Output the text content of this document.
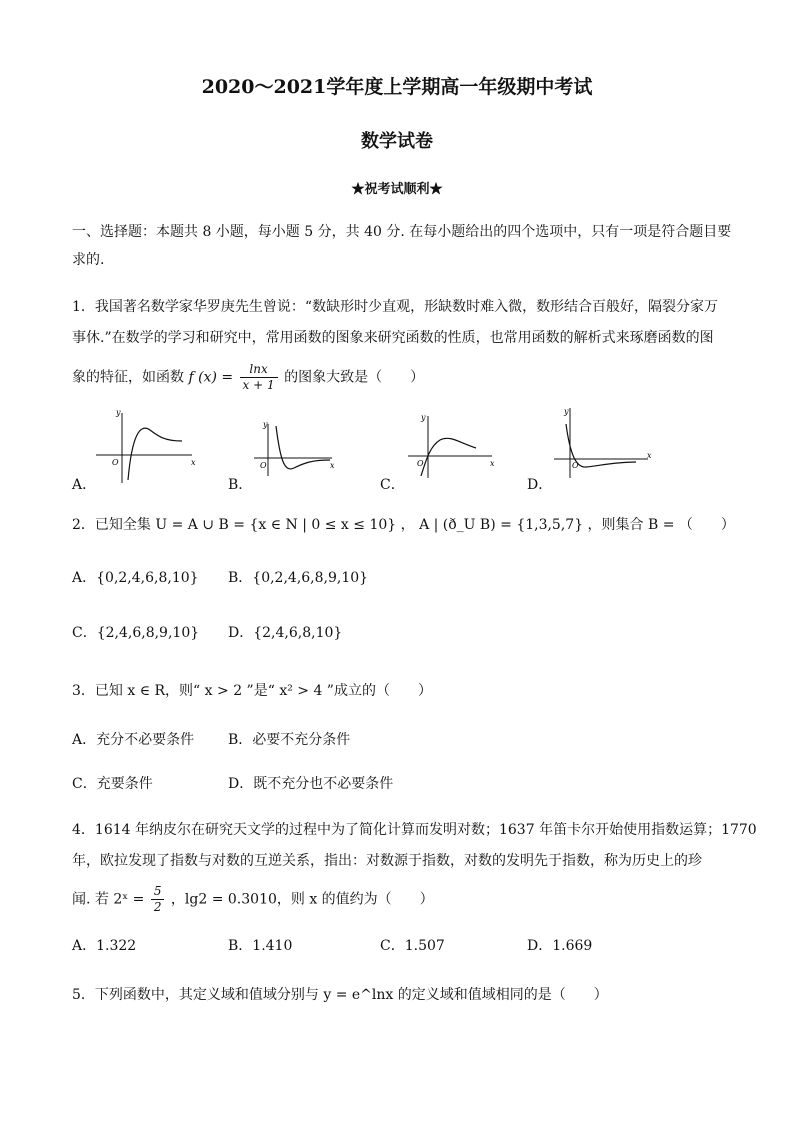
2020～2021学年度上学期高一年级期中考试
数学试卷
★祝考试顺利★
一、选择题：本题共 8 小题，每小题 5 分，共 40 分. 在每小题给出的四个选项中，只有一项是符合题目要
求的.
1．我国著名数学家华罗庚先生曾说：“数缺形时少直观，形缺数时难入微，数形结合百般好，隔裂分家万
事休.”在数学的学习和研究中，常用函数的图象来研究函数的性质，也常用函数的解析式来琢磨函数的图
象的特征，如函数 f $(x) = \frac{\ln x}{x + 1}$ 的图象大致是（　　）
y
x
O
A．
y
x
O
B．
y
x
O
C．
y
x
O
D．
2．已知全集 U = A ∪ B = {x ∈ N | 0 ≤ x ≤ 10} ， A | (ð_U B) = {1,3,5,7} ，则集合 B = （　　）
A．{0,2,4,6,8,10} B．{0,2,4,6,8,9,10}
C．{2,4,6,8,9,10} D．{2,4,6,8,10}
3．已知 x ∈ R，则“ x > 2 ”是“ x² > 4 ”成立的（　　）
A．充分不必要条件 B．必要不充分条件
C．充要条件	D．既不充分也不必要条件
4．1614 年纳皮尔在研究天文学的过程中为了简化计算而发明对数；1637 年笛卡尔开始使用指数运算；1770
年，欧拉发现了指数与对数的互逆关系，指出：对数源于指数，对数的发明先于指数，称为历史上的珍
闻. 若 2ˣ = $\frac{5}{2}$ ，lg2 = 0.3010，则 x 的值约为（　　）
A．1.322	B．1.410	C．1.507	D．1.669
5．下列函数中，其定义域和值域分别与 y = e^lnx 的定义域和值域相同的是（　　）
